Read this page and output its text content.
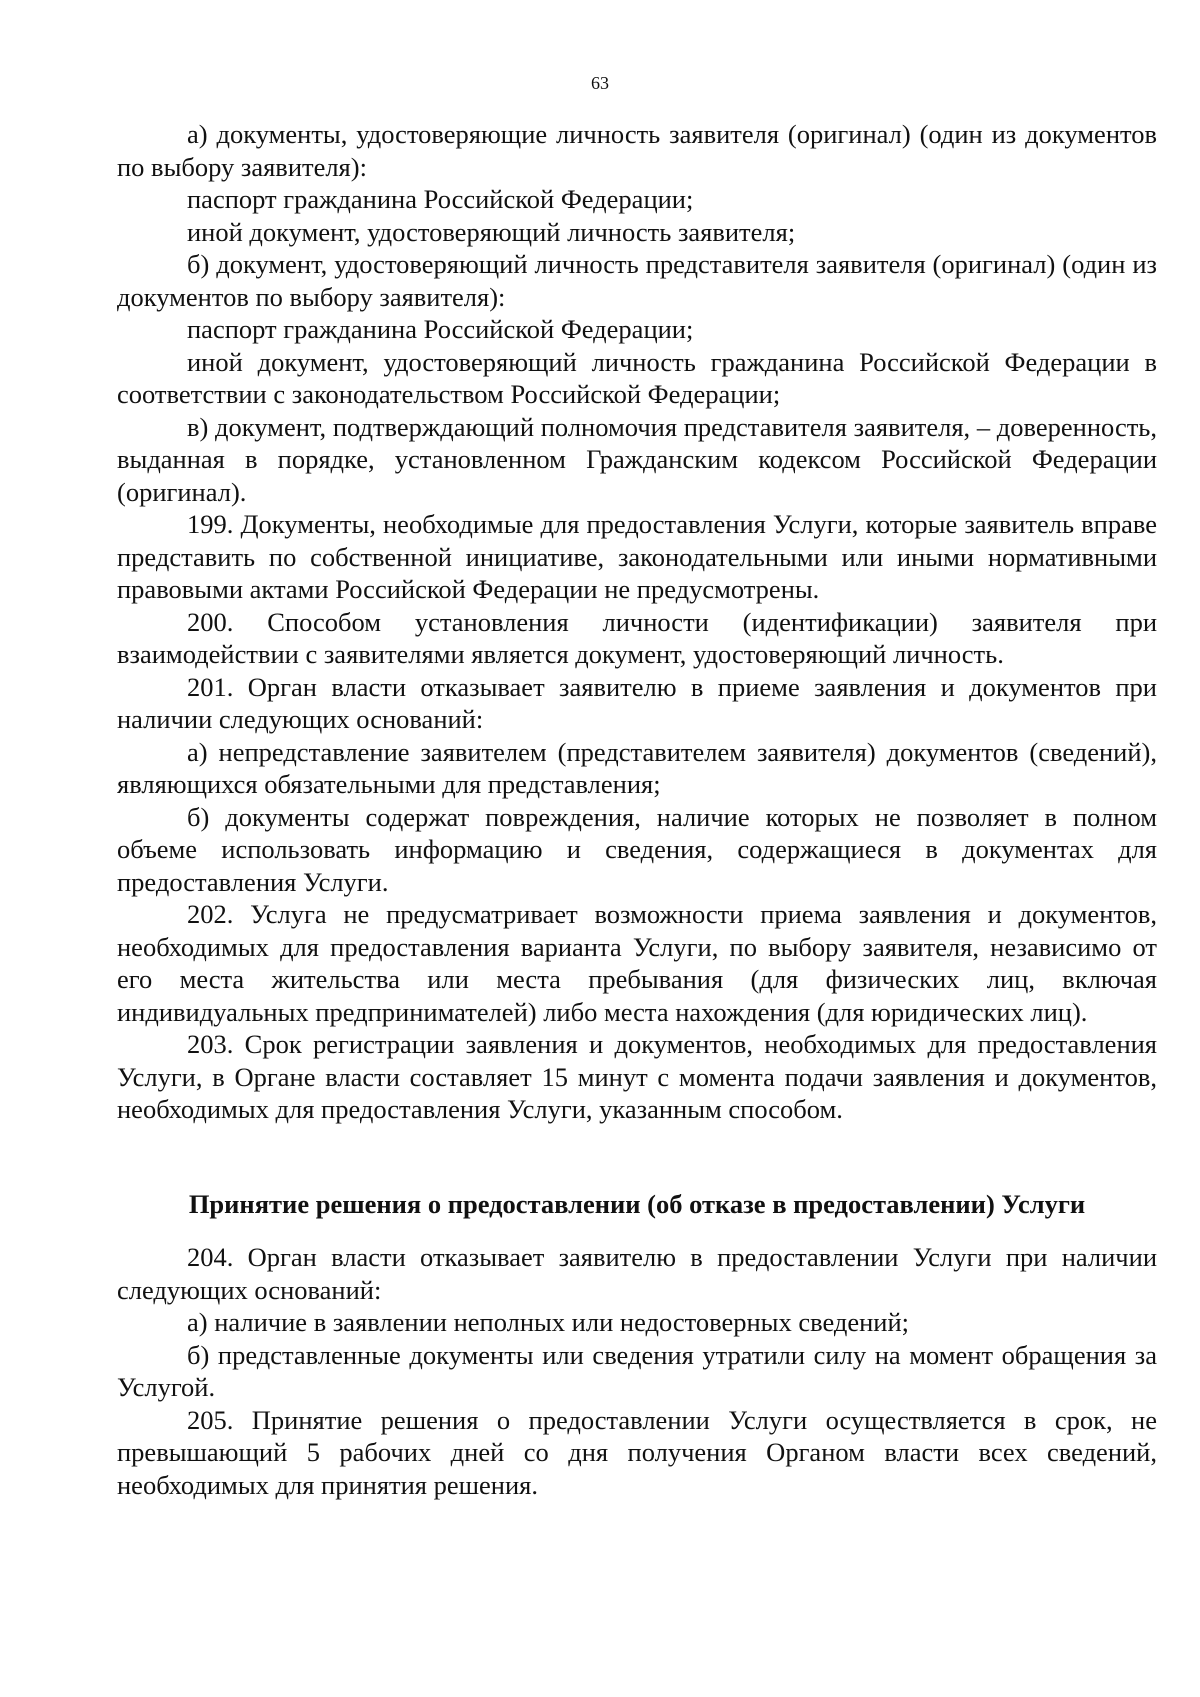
63

а) документы, удостоверяющие личность заявителя (оригинал) (один из документов по выбору заявителя):

паспорт гражданина Российской Федерации;

иной документ, удостоверяющий личность заявителя;

б) документ, удостоверяющий личность представителя заявителя (оригинал) (один из документов по выбору заявителя):

паспорт гражданина Российской Федерации;

иной документ, удостоверяющий личность гражданина Российской Федерации в соответствии с законодательством Российской Федерации;

в) документ, подтверждающий полномочия представителя заявителя, – доверенность, выданная в порядке, установленном Гражданским кодексом Российской Федерации (оригинал).

199. Документы, необходимые для предоставления Услуги, которые заявитель вправе представить по собственной инициативе, законодательными или иными нормативными правовыми актами Российской Федерации не предусмотрены.

200. Способом установления личности (идентификации) заявителя при взаимодействии с заявителями является документ, удостоверяющий личность.

201. Орган власти отказывает заявителю в приеме заявления и документов при наличии следующих оснований:

а) непредставление заявителем (представителем заявителя) документов (сведений), являющихся обязательными для представления;

б) документы содержат повреждения, наличие которых не позволяет в полном объеме использовать информацию и сведения, содержащиеся в документах для предоставления Услуги.

202. Услуга не предусматривает возможности приема заявления и документов, необходимых для предоставления варианта Услуги, по выбору заявителя, независимо от его места жительства или места пребывания (для физических лиц, включая индивидуальных предпринимателей) либо места нахождения (для юридических лиц).

203. Срок регистрации заявления и документов, необходимых для предоставления Услуги, в Органе власти составляет 15 минут с момента подачи заявления и документов, необходимых для предоставления Услуги, указанным способом.

Принятие решения о предоставлении (об отказе в предоставлении) Услуги

204. Орган власти отказывает заявителю в предоставлении Услуги при наличии следующих оснований:

а) наличие в заявлении неполных или недостоверных сведений;

б) представленные документы или сведения утратили силу на момент обращения за Услугой.

205. Принятие решения о предоставлении Услуги осуществляется в срок, не превышающий 5 рабочих дней со дня получения Органом власти всех сведений, необходимых для принятия решения.
